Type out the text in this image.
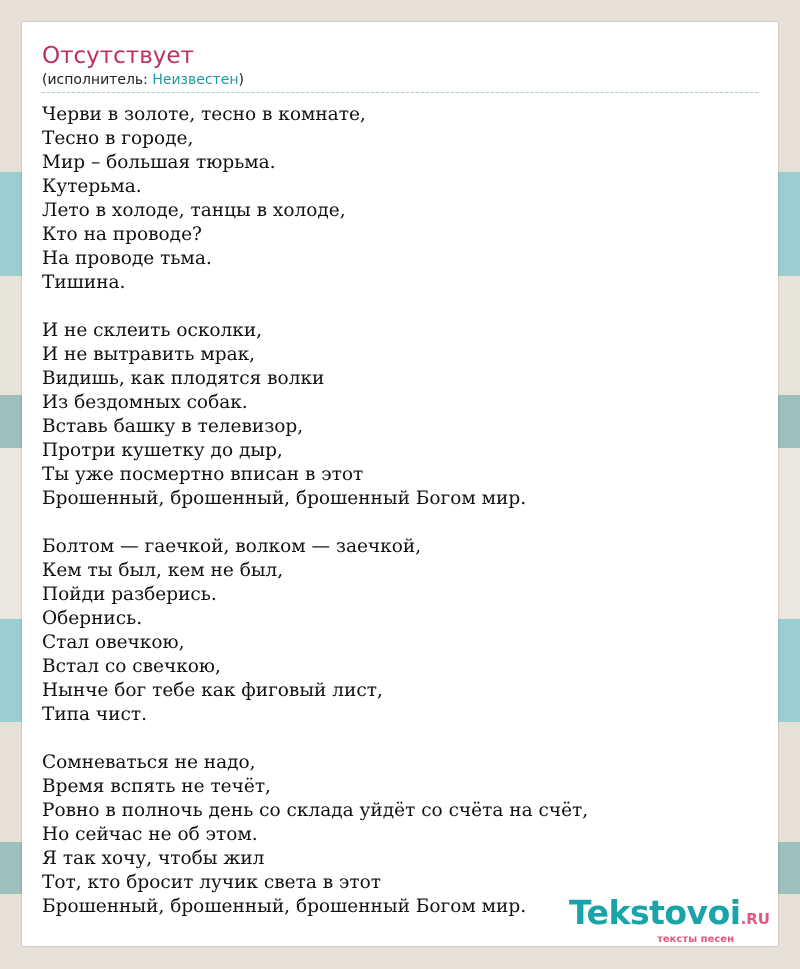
Отсутствует
(исполнитель: Неизвестен)
Черви в золоте, тесно в комнате,
Тесно в городе,
Мир – большая тюрьма.
Кутерьма.
Лето в холоде, танцы в холоде,
Кто на проводе?
На проводе тьма.
Тишина.
И не склеить осколки,
И не вытравить мрак,
Видишь, как плодятся волки
Из бездомных собак.
Вставь башку в телевизор,
Протри кушетку до дыр,
Ты уже посмертно вписан в этот
Брошенный, брошенный, брошенный Богом мир.
Болтом — гаечкой, волком — заечкой,
Кем ты был, кем не был,
Пойди разберись.
Обернись.
Стал овечкою,
Встал со свечкою,
Нынче бог тебе как фиговый лист,
Типа чист.
Сомневаться не надо,
Время вспять не течёт,
Ровно в полночь день со склада уйдёт со счёта на счёт,
Но сейчас не об этом.
Я так хочу, чтобы жил
Тот, кто бросит лучик света в этот
Брошенный, брошенный, брошенный Богом мир.	Tekstovoi.RU
тексты песен
